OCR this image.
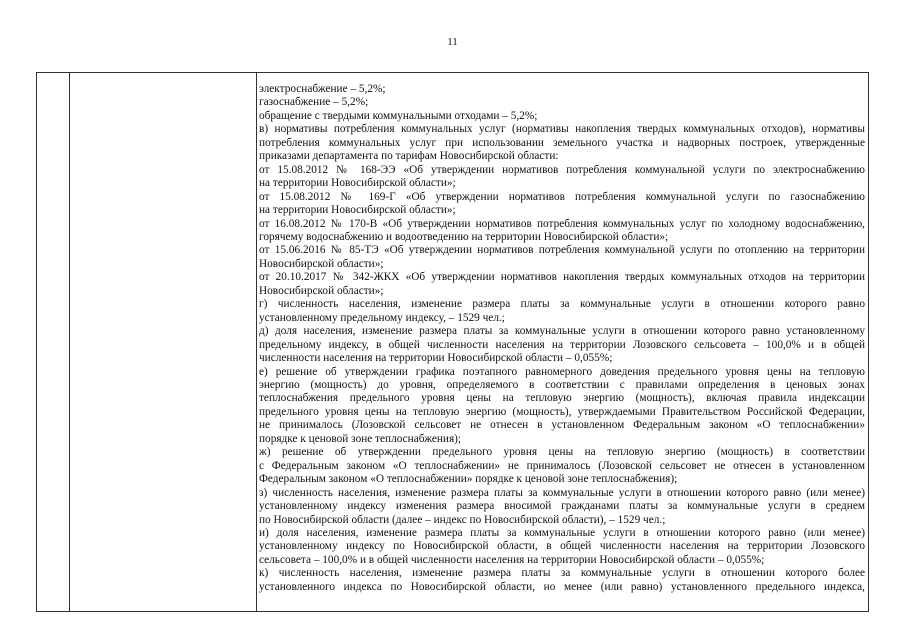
11
электроснабжение – 5,2%;
газоснабжение – 5,2%;
обращение с твердыми коммунальными отходами – 5,2%;
в) нормативы потребления коммунальных услуг (нормативы накопления твердых коммунальных отходов), нормативы
потребления коммунальных услуг при использовании земельного участка и надворных построек, утвержденные
приказами департамента по тарифам Новосибирской области:
от 15.08.2012 № 168-ЭЭ «Об утверждении нормативов потребления коммунальной услуги по электроснабжению
на территории Новосибирской области»;
от 15.08.2012 № 169-Г «Об утверждении нормативов потребления коммунальной услуги по газоснабжению
на территории Новосибирской области»;
от 16.08.2012 № 170-В «Об утверждении нормативов потребления коммунальных услуг по холодному водоснабжению,
горячему водоснабжению и водоотведению на территории Новосибирской области»;
от 15.06.2016 № 85-ТЭ «Об утверждении нормативов потребления коммунальной услуги по отоплению на территории
Новосибирской области»;
от 20.10.2017 № 342-ЖКХ «Об утверждении нормативов накопления твердых коммунальных отходов на территории
Новосибирской области»;
г) численность населения, изменение размера платы за коммунальные услуги в отношении которого равно
установленному предельному индексу, – 1529 чел.;
д) доля населения, изменение размера платы за коммунальные услуги в отношении которого равно установленному
предельному индексу, в общей численности населения на территории Лозовского сельсовета – 100,0% и в общей
численности населения на территории Новосибирской области – 0,055%;
е) решение об утверждении графика поэтапного равномерного доведения предельного уровня цены на тепловую
энергию (мощность) до уровня, определяемого в соответствии с правилами определения в ценовых зонах
теплоснабжения предельного уровня цены на тепловую энергию (мощность), включая правила индексации
предельного уровня цены на тепловую энергию (мощность), утверждаемыми Правительством Российской Федерации,
не принималось (Лозовской сельсовет не отнесен в установленном Федеральным законом «О теплоснабжении»
порядке к ценовой зоне теплоснабжения);
ж) решение об утверждении предельного уровня цены на тепловую энергию (мощность) в соответствии
с Федеральным законом «О теплоснабжении» не принималось (Лозовской сельсовет не отнесен в установленном
Федеральным законом «О теплоснабжении» порядке к ценовой зоне теплоснабжения);
з) численность населения, изменение размера платы за коммунальные услуги в отношении которого равно (или менее)
установленному индексу изменения размера вносимой гражданами платы за коммунальные услуги в среднем
по Новосибирской области (далее – индекс по Новосибирской области), – 1529 чел.;
и) доля населения, изменение размера платы за коммунальные услуги в отношении которого равно (или менее)
установленному индексу по Новосибирской области, в общей численности населения на территории Лозовского
сельсовета – 100,0% и в общей численности населения на территории Новосибирской области – 0,055%;
к) численность населения, изменение размера платы за коммунальные услуги в отношении которого более
установленного индекса по Новосибирской области, но менее (или равно) установленного предельного индекса,
